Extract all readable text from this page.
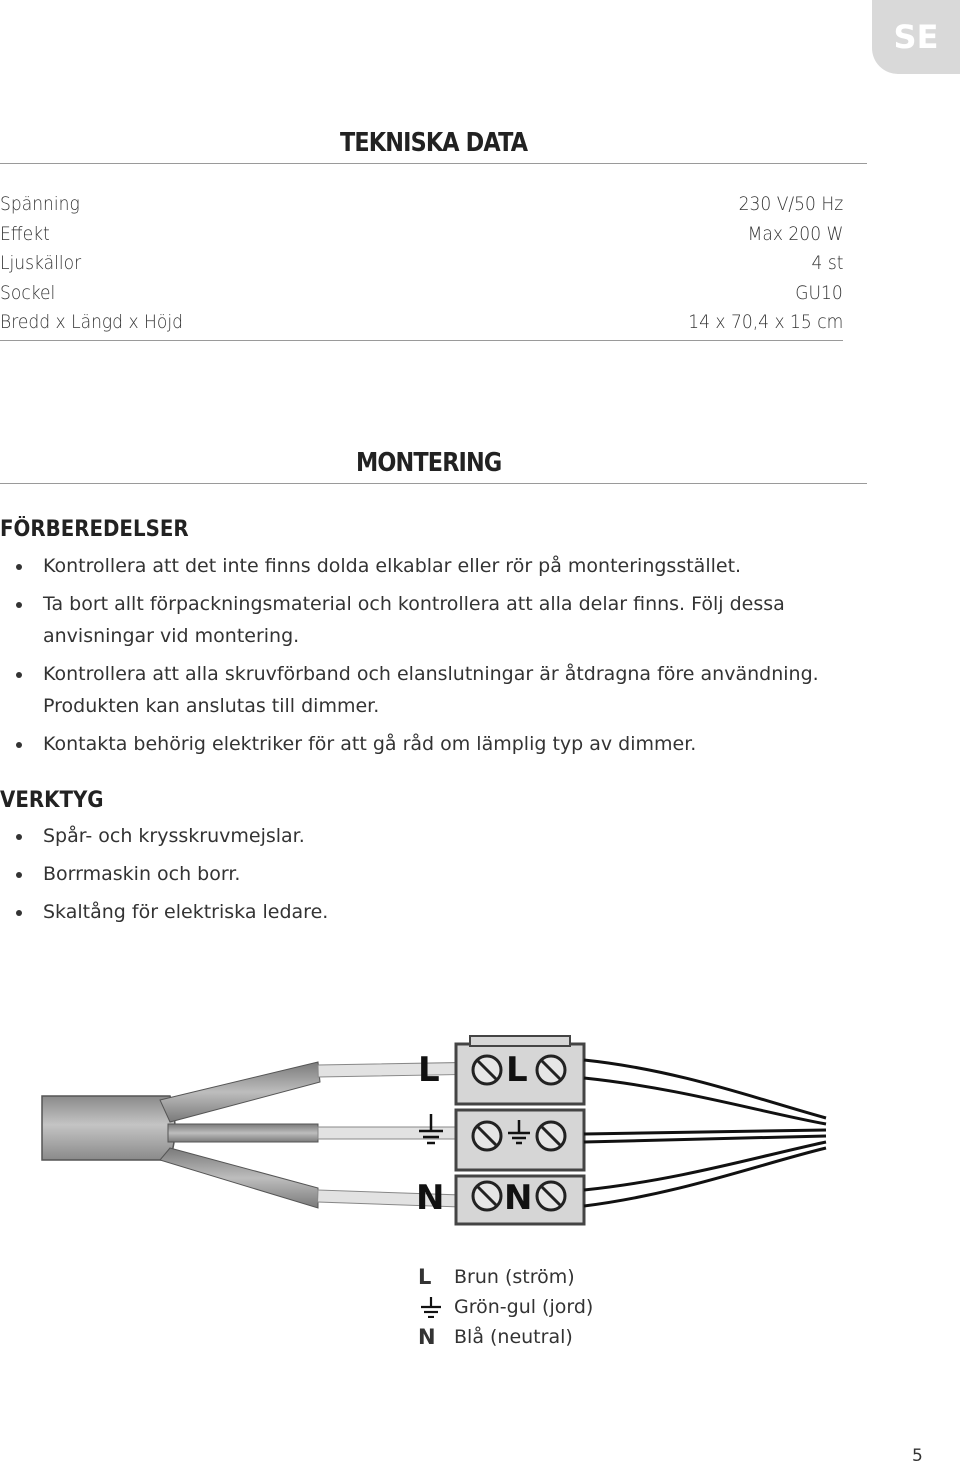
SE
TEKNISKA DATA
Spänning	230 V/50 Hz
Effekt	Max 200 W
Ljuskällor	4 st
Sockel	GU10
Bredd x Längd x Höjd	14 x 70,4 x 15 cm
MONTERING
FÖRBEREDELSER
Kontrollera att det inte finns dolda elkablar eller rör på monteringsstället.
Ta bort allt förpackningsmaterial och kontrollera att alla delar finns. Följ dessa anvisningar vid montering.
Kontrollera att alla skruvförband och elanslutningar är åtdragna före användning. Produkten kan anslutas till dimmer.
Kontakta behörig elektriker för att gå råd om lämplig typ av dimmer.
VERKTYG
Spår- och krysskruvmejslar.
Borrmaskin och borr.
Skaltång för elektriska ledare.
L L
N N
L	Brun (ström)
Grön-gul (jord)
N Blå (neutral)
5
